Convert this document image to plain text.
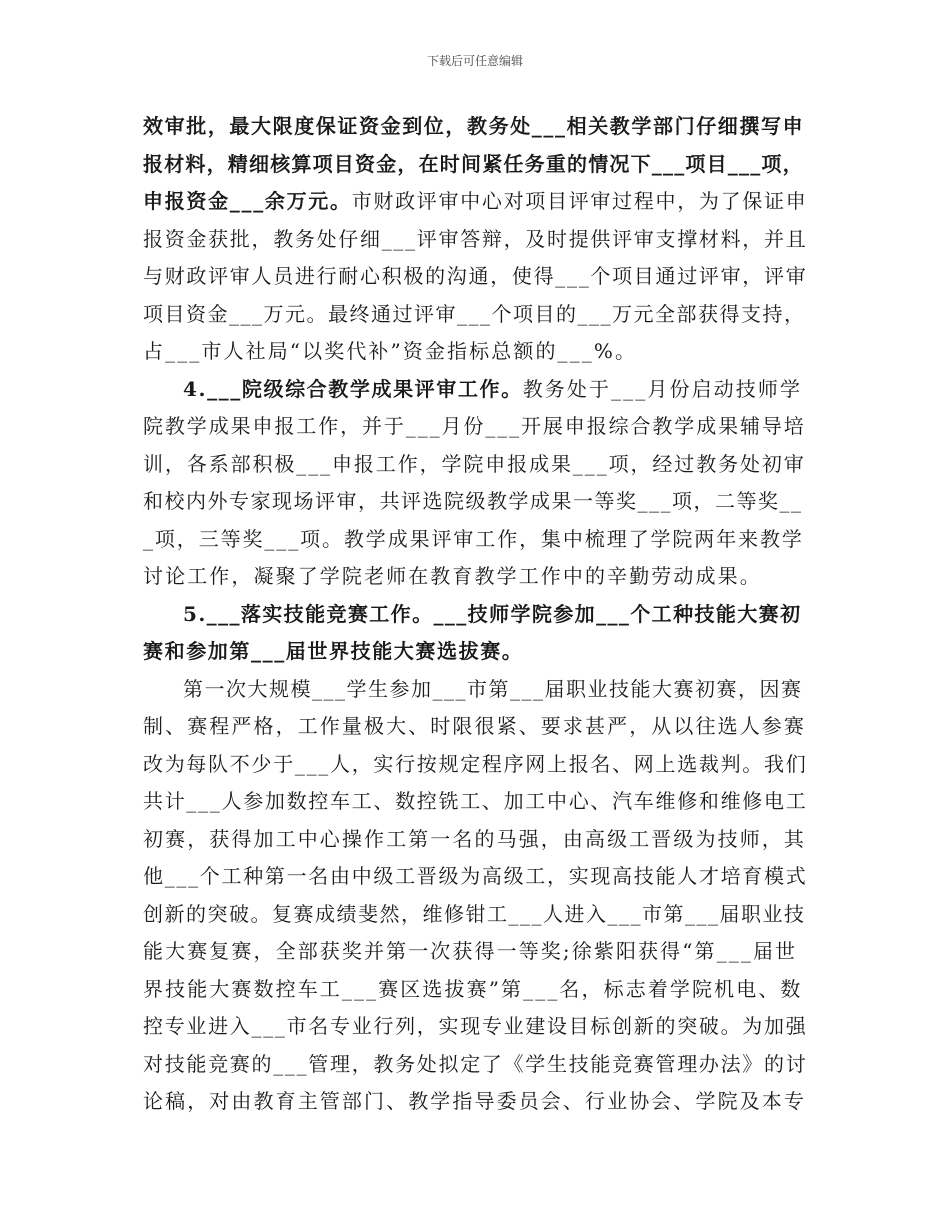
下载后可任意编辑
效审批，最大限度保证资金到位，教务处___相关教学部门仔细撰写申
报材料，精细核算项目资金，在时间紧任务重的情况下___项目___项，
申报资金___余万元。市财政评审中心对项目评审过程中，为了保证申
报资金获批，教务处仔细___评审答辩，及时提供评审支撑材料，并且
与财政评审人员进行耐心积极的沟通，使得___个项目通过评审，评审
项目资金___万元。最终通过评审___个项目的___万元全部获得支持，
占___市人社局“以奖代补”资金指标总额的___%。
4.___院级综合教学成果评审工作。教务处于___月份启动技师学
院教学成果申报工作，并于___月份___开展申报综合教学成果辅导培
训，各系部积极___申报工作，学院申报成果___项，经过教务处初审
和校内外专家现场评审，共评选院级教学成果一等奖___项，二等奖__
_项，三等奖___项。教学成果评审工作，集中梳理了学院两年来教学
讨论工作，凝聚了学院老师在教育教学工作中的辛勤劳动成果。
5.___落实技能竞赛工作。___技师学院参加___个工种技能大赛初
赛和参加第___届世界技能大赛选拔赛。
第一次大规模___学生参加___市第___届职业技能大赛初赛，因赛
制、赛程严格，工作量极大、时限很紧、要求甚严，从以往选人参赛
改为每队不少于___人，实行按规定程序网上报名、网上选裁判。我们
共计___人参加数控车工、数控铣工、加工中心、汽车维修和维修电工
初赛，获得加工中心操作工第一名的马强，由高级工晋级为技师，其
他___个工种第一名由中级工晋级为高级工，实现高技能人才培育模式
创新的突破。复赛成绩斐然，维修钳工___人进入___市第___届职业技
能大赛复赛，全部获奖并第一次获得一等奖;徐紫阳获得“第___届世
界技能大赛数控车工___赛区选拔赛”第___名，标志着学院机电、数
控专业进入___市名专业行列，实现专业建设目标创新的突破。为加强
对技能竞赛的___管理，教务处拟定了《学生技能竞赛管理办法》的讨
论稿，对由教育主管部门、教学指导委员会、行业协会、学院及本专
